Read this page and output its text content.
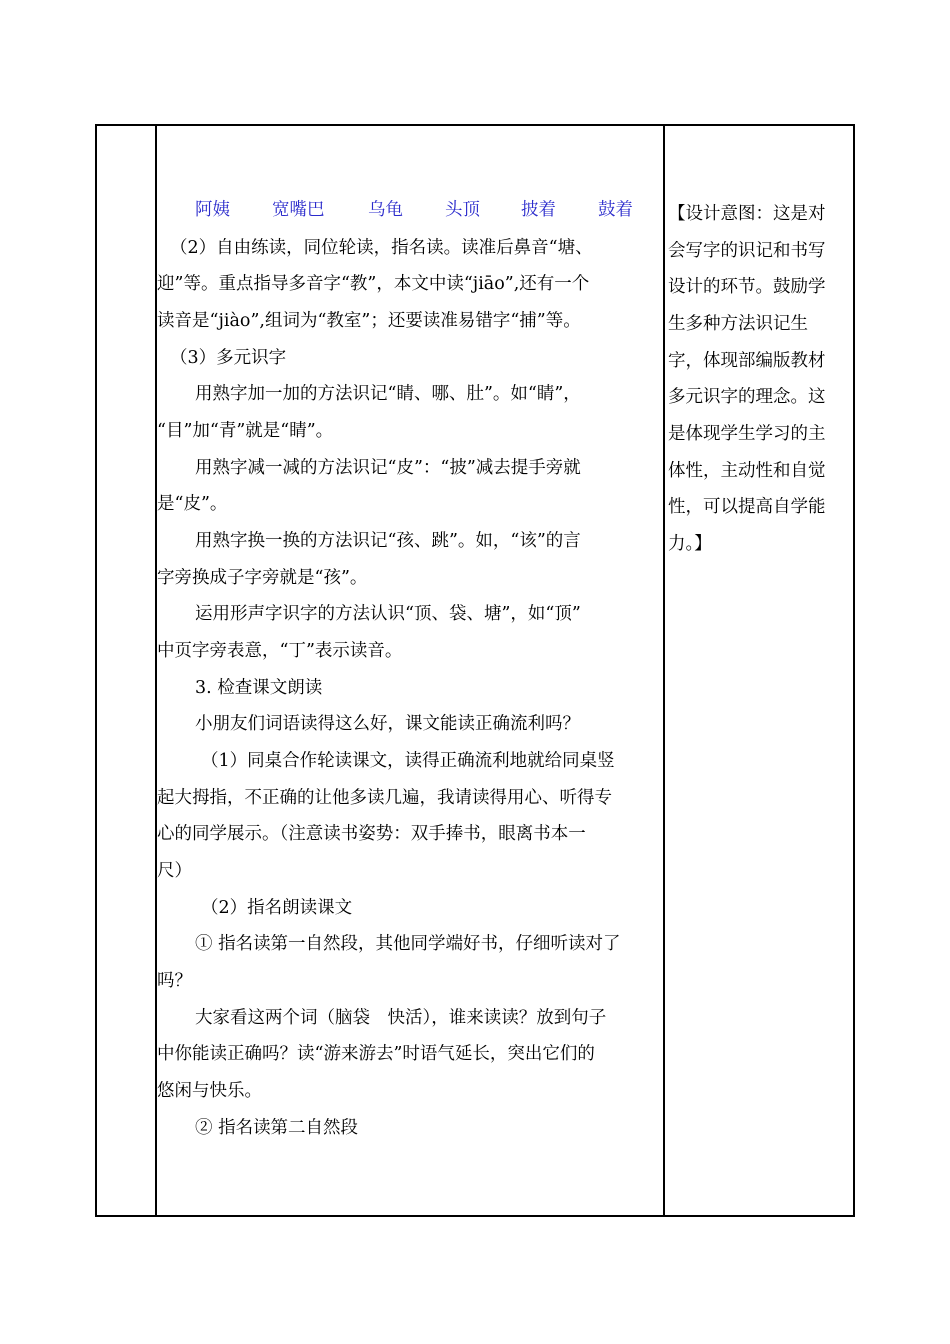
阿姨 宽嘴巴 乌龟 头顶 披着 鼓着
（2）自由练读，同位轮读，指名读。读准后鼻音“塘、
迎”等。重点指导多音字“教”，本文中读“jiāo”,还有一个
读音是“jiào”,组词为“教室”；还要读准易错字“捕”等。
（3）多元识字
用熟字加一加的方法识记“睛、哪、肚”。如“睛”，
“目”加“青”就是“睛”。
用熟字减一减的方法识记“皮”：“披”减去提手旁就
是“皮”。
用熟字换一换的方法识记“孩、跳”。如，“该”的言
字旁换成子字旁就是“孩”。
运用形声字识字的方法认识“顶、袋、塘”，如“顶”
中页字旁表意，“丁”表示读音。
3. 检查课文朗读
小朋友们词语读得这么好，课文能读正确流利吗？
（1）同桌合作轮读课文，读得正确流利地就给同桌竖
起大拇指，不正确的让他多读几遍，我请读得用心、听得专
心的同学展示。（注意读书姿势：双手捧书，眼离书本一
尺）
（2）指名朗读课文
① 指名读第一自然段，其他同学端好书，仔细听读对了
吗？
大家看这两个词（脑袋　快活），谁来读读？放到句子
中你能读正确吗？读“游来游去”时语气延长，突出它们的
悠闲与快乐。
② 指名读第二自然段
【设计意图：这是对
会写字的识记和书写
设计的环节。鼓励学
生多种方法识记生
字，体现部编版教材
多元识字的理念。这
是体现学生学习的主
体性，主动性和自觉
性，可以提高自学能
力。】
